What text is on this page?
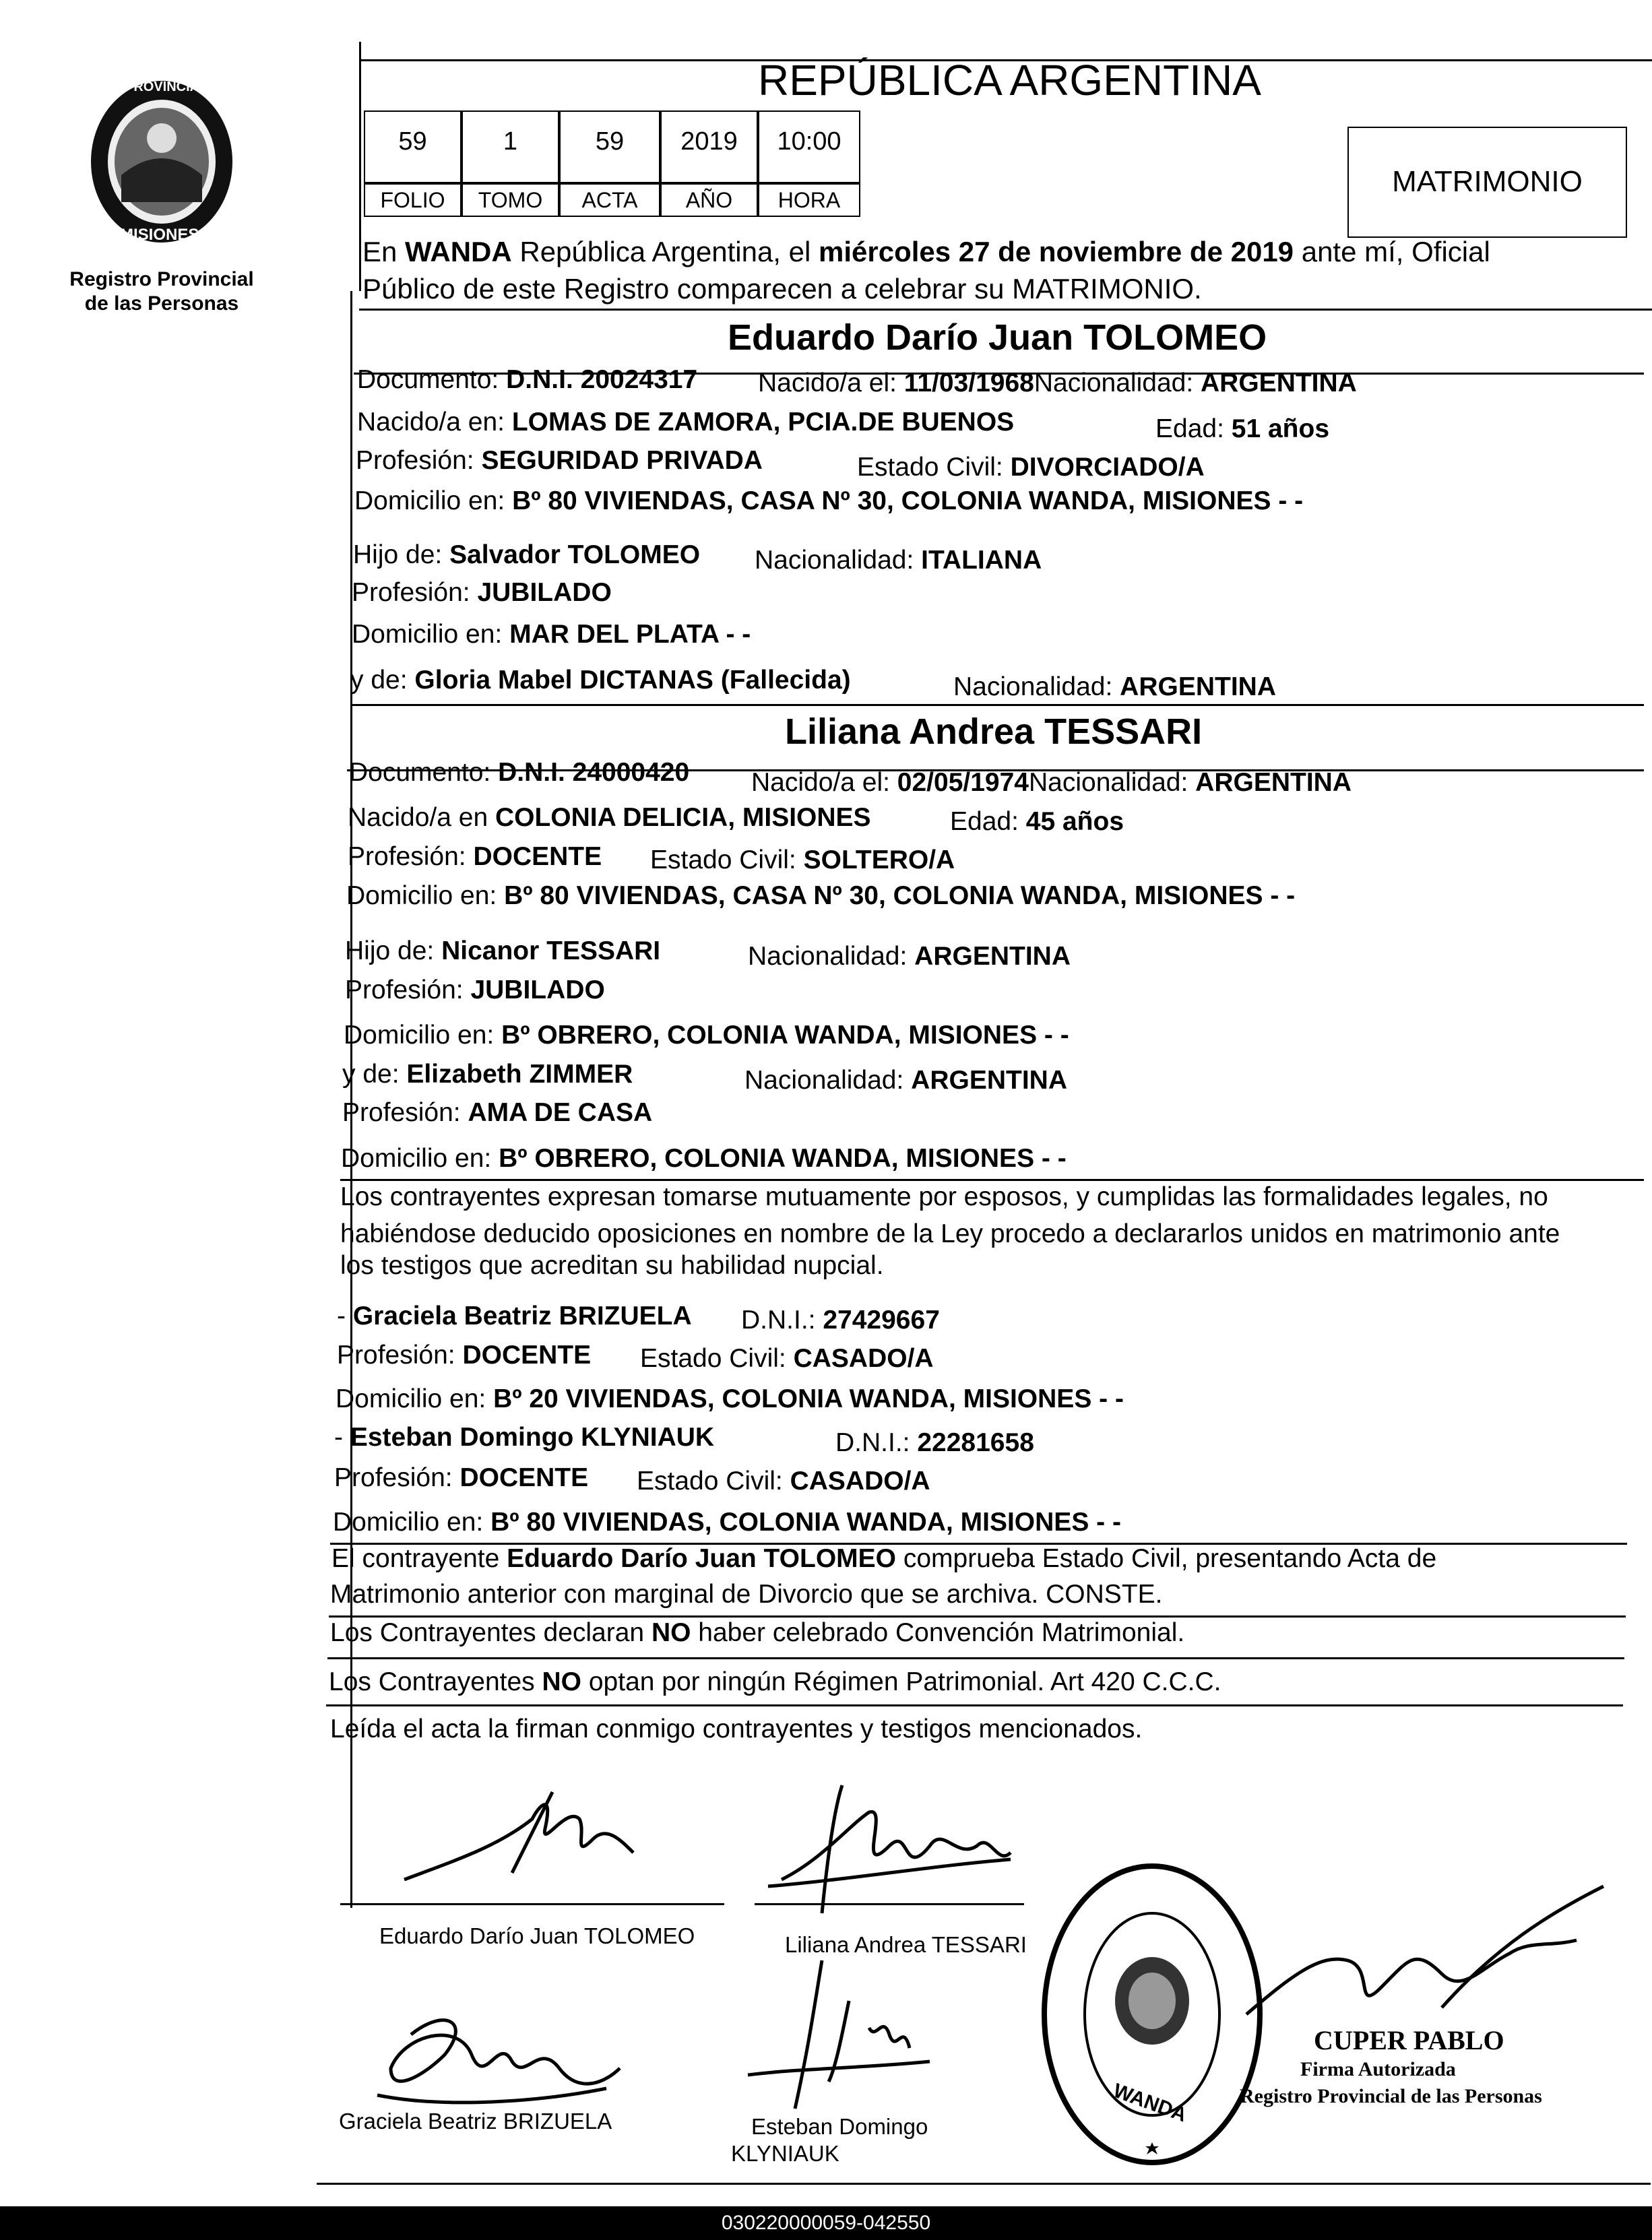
PROVINCIA DE
MISIONES
Registro Provincial
de las Personas
REPÚBLICA ARGENTINA
59	1	59	2019	10:00
FOLIO	TOMO	ACTA	AÑO	HORA
MATRIMONIO
En WANDA República Argentina, el miércoles 27 de noviembre de 2019 ante mí, Oficial
Público de este Registro comparecen a celebrar su MATRIMONIO.
Eduardo Darío Juan TOLOMEO
Documento: D.N.I. 20024317 Nacido/a el: 11/03/1968Nacionalidad: ARGENTINA
Nacido/a en: LOMAS DE ZAMORA, PCIA.DE BUENOS	Edad: 51 años
Profesión: SEGURIDAD PRIVADA	Estado Civil: DIVORCIADO/A
Domicilio en: Bº 80 VIVIENDAS, CASA Nº 30, COLONIA WANDA, MISIONES - -
Hijo de: Salvador TOLOMEO Nacionalidad: ITALIANA
Profesión: JUBILADO
Domicilio en: MAR DEL PLATA - -
y de: Gloria Mabel DICTANAS (Fallecida)	Nacionalidad: ARGENTINA
Liliana Andrea TESSARI
Documento: D.N.I. 24000420 Nacido/a el: 02/05/1974Nacionalidad: ARGENTINA
Nacido/a en COLONIA DELICIA, MISIONES	Edad: 45 años
Profesión: DOCENTE Estado Civil: SOLTERO/A
Domicilio en: Bº 80 VIVIENDAS, CASA Nº 30, COLONIA WANDA, MISIONES - -
Hijo de: Nicanor TESSARI	Nacionalidad: ARGENTINA
Profesión: JUBILADO
Domicilio en: Bº OBRERO, COLONIA WANDA, MISIONES - -
y de: Elizabeth ZIMMER	Nacionalidad: ARGENTINA
Profesión: AMA DE CASA
Domicilio en: Bº OBRERO, COLONIA WANDA, MISIONES - -
Los contrayentes expresan tomarse mutuamente por esposos, y cumplidas las formalidades legales, no
habiéndose deducido oposiciones en nombre de la Ley procedo a declararlos unidos en matrimonio ante
los testigos que acreditan su habilidad nupcial.
- Graciela Beatriz BRIZUELA D.N.I.: 27429667
Profesión: DOCENTE Estado Civil: CASADO/A
Domicilio en: Bº 20 VIVIENDAS, COLONIA WANDA, MISIONES - -
- Esteban Domingo KLYNIAUK	D.N.I.: 22281658
Profesión: DOCENTE Estado Civil: CASADO/A
Domicilio en: Bº 80 VIVIENDAS, COLONIA WANDA, MISIONES - -
El contrayente Eduardo Darío Juan TOLOMEO comprueba Estado Civil, presentando Acta de
Matrimonio anterior con marginal de Divorcio que se archiva. CONSTE.
Los Contrayentes declaran NO haber celebrado Convención Matrimonial.
Los Contrayentes NO optan por ningún Régimen Patrimonial. Art 420 C.C.C.
Leída el acta la firman conmigo contrayentes y testigos mencionados.
Eduardo Darío Juan TOLOMEO	Liliana Andrea TESSARI
Graciela Beatriz BRIZUELA	Esteban Domingo
KLYNIAUK
WANDA
CUPER PABLO
Firma Autorizada
Registro Provincial de las Personas
030220000059-042550
